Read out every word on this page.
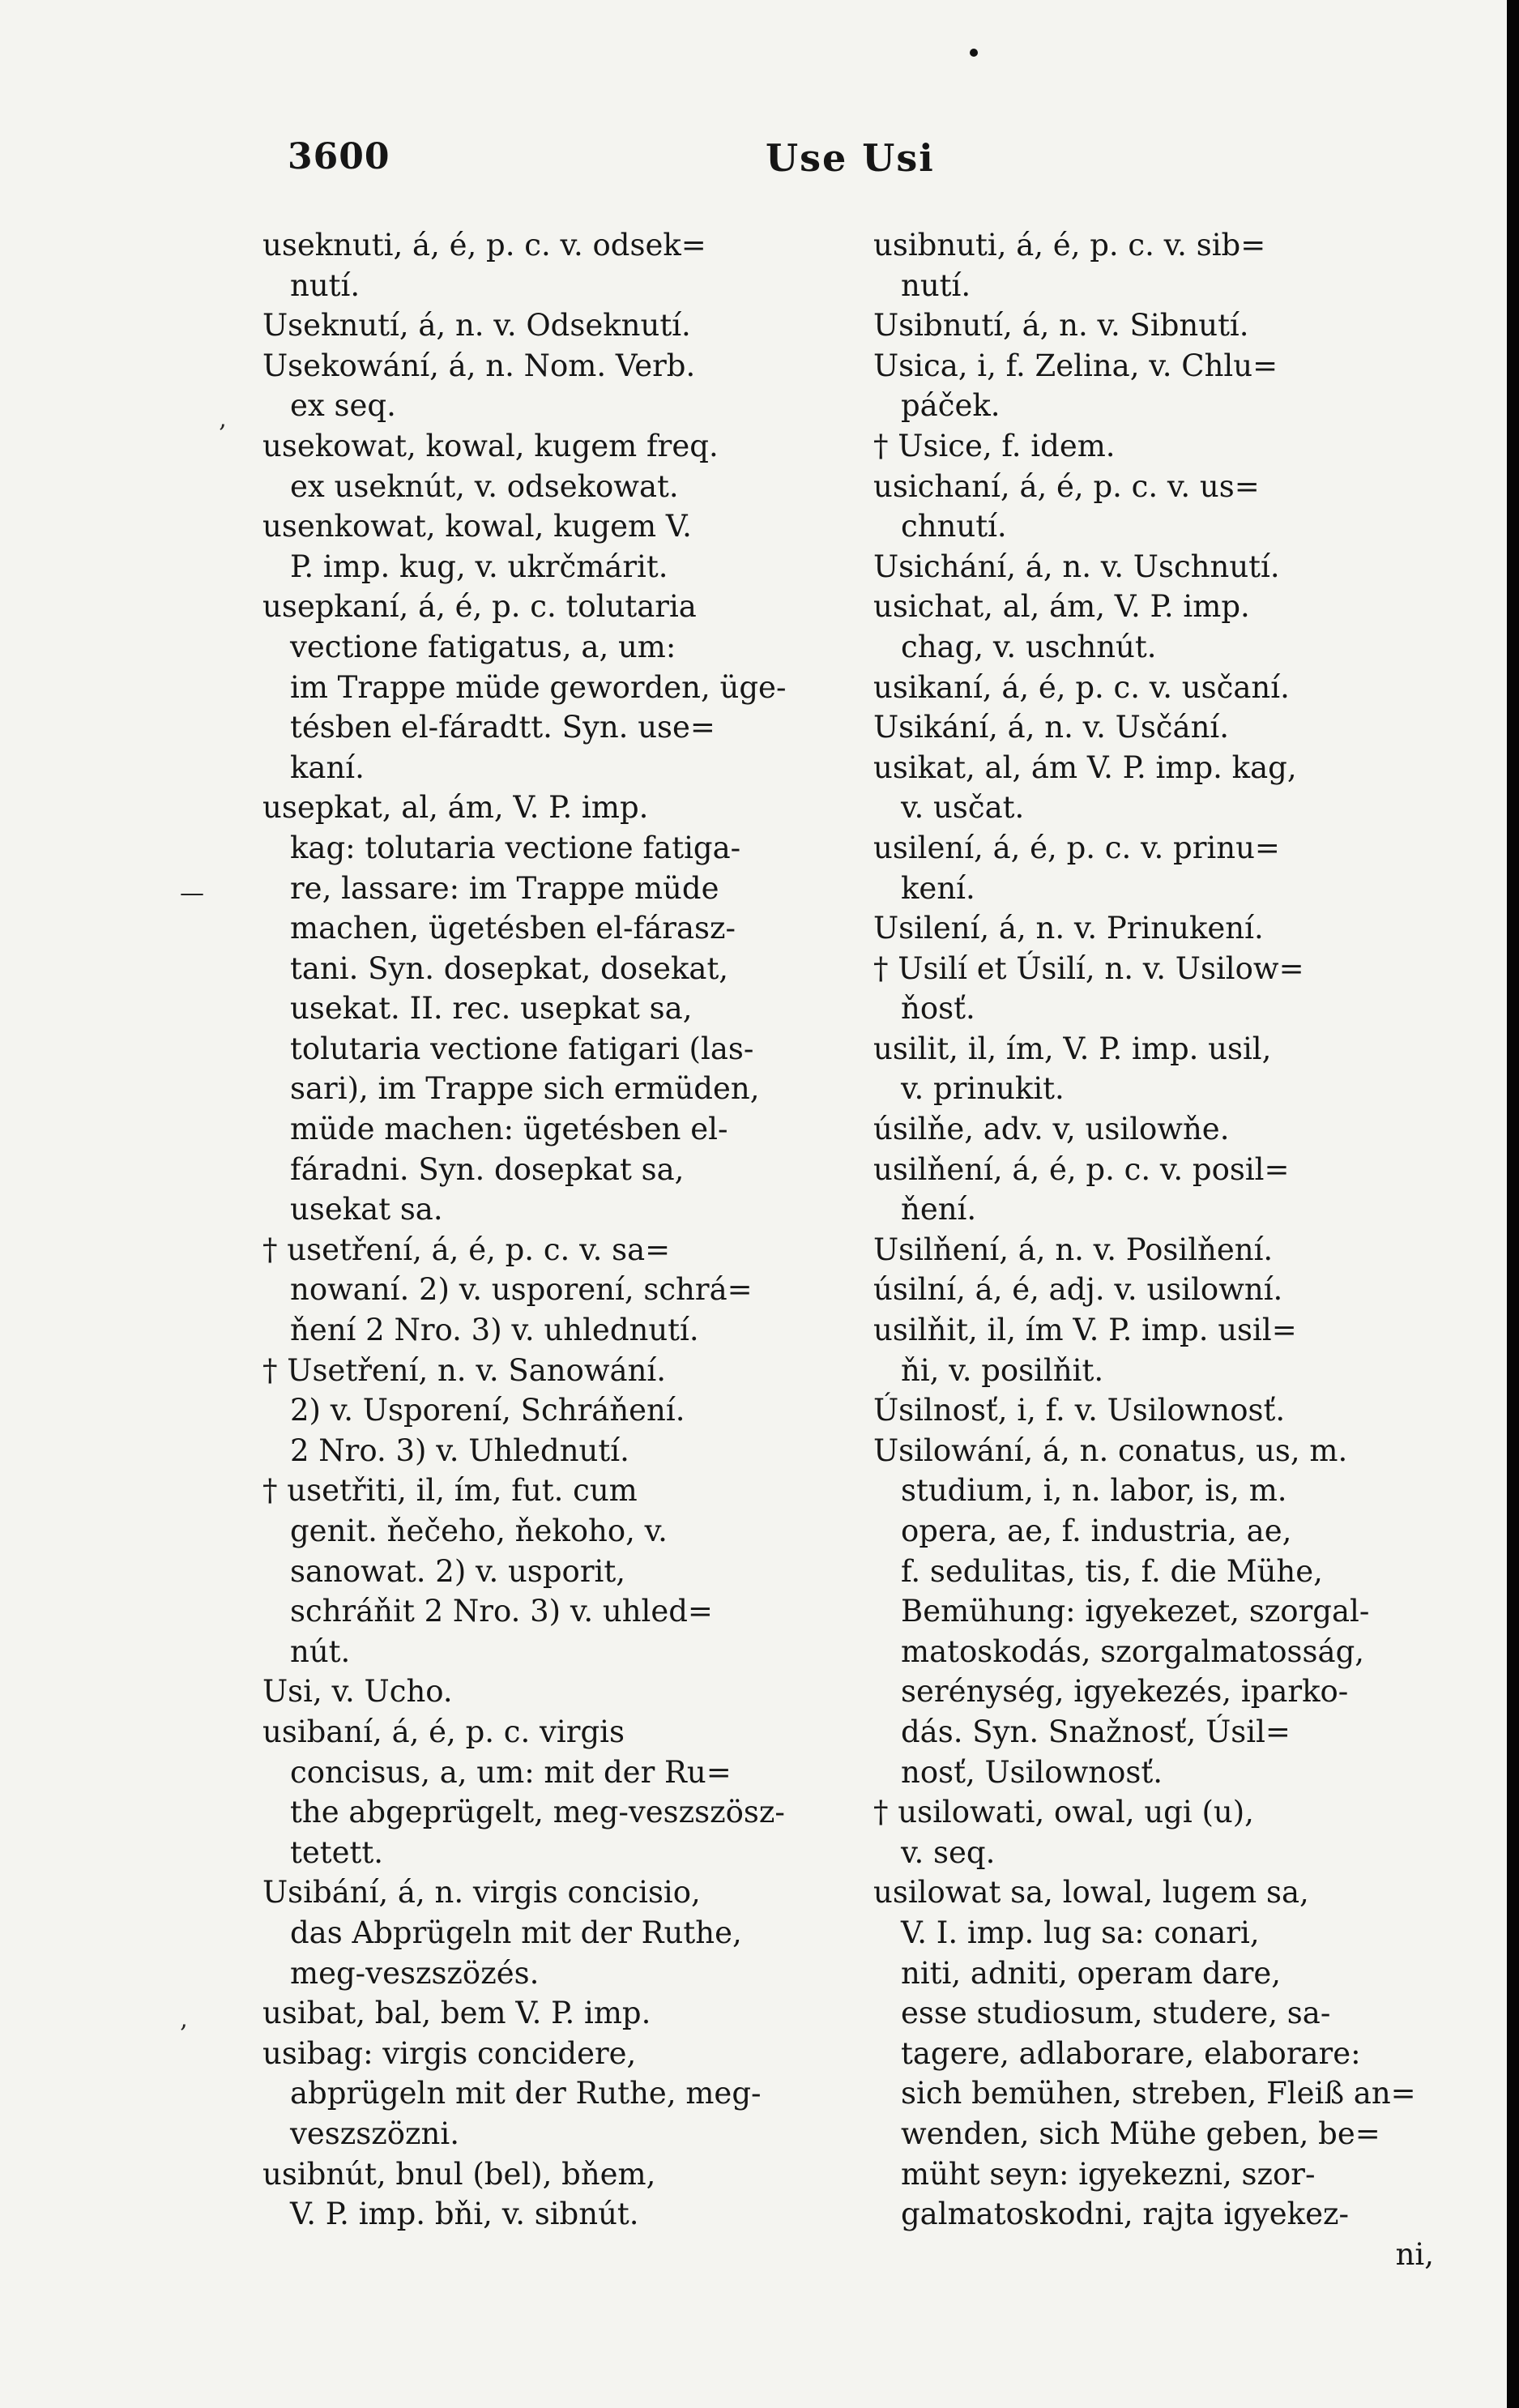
3600	Use Usi
useknuti, á, é, p. c. v. odsek=
nutí.
Useknutí, á, n. v. Odseknutí.
Usekowání, á, n. Nom. Verb.
ex seq.
usekowat, kowal, kugem freq.
ex useknút, v. odsekowat.
usenkowat, kowal, kugem V.
P. imp. kug, v. ukrčmárit.
usepkaní, á, é, p. c. tolutaria
vectione fatigatus, a, um:
im Trappe müde geworden, üge-
tésben el-fáradtt. Syn. use=
kaní.
usepkat, al, ám, V. P. imp.
kag: tolutaria vectione fatiga-
re, lassare: im Trappe müde
machen, ügetésben el-fárasz-
tani. Syn. dosepkat, dosekat,
usekat. II. rec. usepkat sa,
tolutaria vectione fatigari (las-
sari), im Trappe sich ermüden,
müde machen: ügetésben el-
fáradni. Syn. dosepkat sa,
usekat sa.
† usetření, á, é, p. c. v. sa=
nowaní. 2) v. usporení, schrá=
ňení 2 Nro. 3) v. uhlednutí.
† Usetření, n. v. Sanowání.
2) v. Usporení, Schráňení.
2 Nro. 3) v. Uhlednutí.
† usetřiti, il, ím, fut. cum
genit. ňečeho, ňekoho, v.
sanowat. 2) v. usporit,
schráňit 2 Nro. 3) v. uhled=
nút.
Usi, v. Ucho.
usibaní, á, é, p. c. virgis
concisus, a, um: mit der Ru=
the abgeprügelt, meg-veszszösz-
tetett.
Usibání, á, n. virgis concisio,
das Abprügeln mit der Ruthe,
meg-veszszözés.
usibat, bal, bem V. P. imp.
usibag: virgis concidere,
abprügeln mit der Ruthe, meg-
veszszözni.
usibnút, bnul (bel), bňem,
V. P. imp. bňi, v. sibnút.
usibnuti, á, é, p. c. v. sib=
nutí.
Usibnutí, á, n. v. Sibnutí.
Usica, i, f. Zelina, v. Chlu=
páček.
† Usice, f. idem.
usichaní, á, é, p. c. v. us=
chnutí.
Usichání, á, n. v. Uschnutí.
usichat, al, ám, V. P. imp.
chag, v. uschnút.
usikaní, á, é, p. c. v. usčaní.
Usikání, á, n. v. Usčání.
usikat, al, ám V. P. imp. kag,
v. usčat.
usilení, á, é, p. c. v. prinu=
kení.
Usilení, á, n. v. Prinukení.
† Usilí et Úsilí, n. v. Usilow=
ňosť.
usilit, il, ím, V. P. imp. usil,
v. prinukit.
úsilňe, adv. v, usilowňe.
usilňení, á, é, p. c. v. posil=
ňení.
Usilňení, á, n. v. Posilňení.
úsilní, á, é, adj. v. usilowní.
usilňit, il, ím V. P. imp. usil=
ňi, v. posilňit.
Úsilnosť, i, f. v. Usilownosť.
Usilowání, á, n. conatus, us, m.
studium, i, n. labor, is, m.
opera, ae, f. industria, ae,
f. sedulitas, tis, f. die Mühe,
Bemühung: igyekezet, szorgal-
matoskodás, szorgalmatosság,
serénység, igyekezés, iparko-
dás. Syn. Snažnosť, Úsil=
nosť, Usilownosť.
† usilowati, owal, ugi (u),
v. seq.
usilowat sa, lowal, lugem sa,
V. I. imp. lug sa: conari,
niti, adniti, operam dare,
esse studiosum, studere, sa-
tagere, adlaborare, elaborare:
sich bemühen, streben, Fleiß an=
wenden, sich Mühe geben, be=
müht seyn: igyekezni, szor-
galmatoskodni, rajta igyekez-
ni,
‚
—
‚
